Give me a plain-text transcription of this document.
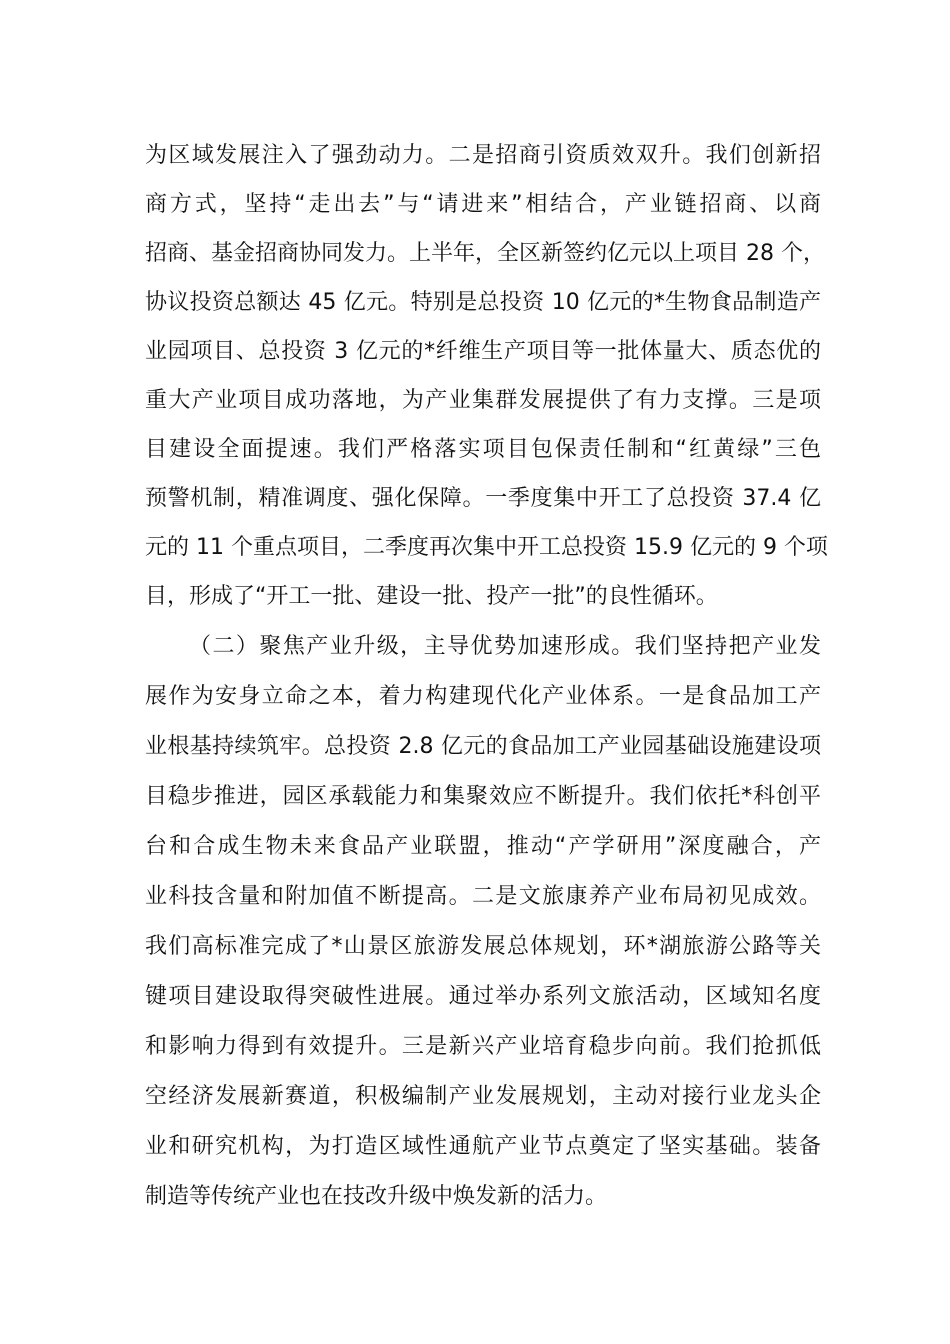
为区域发展注入了强劲动力。二是招商引资质效双升。我们创新招
商方式，坚持“走出去”与“请进来”相结合，产业链招商、以商
招商、基金招商协同发力。上半年，全区新签约亿元以上项目 28 个，
协议投资总额达 45 亿元。特别是总投资 10 亿元的*生物食品制造产
业园项目、总投资 3 亿元的*纤维生产项目等一批体量大、质态优的
重大产业项目成功落地，为产业集群发展提供了有力支撑。三是项
目建设全面提速。我们严格落实项目包保责任制和“红黄绿”三色
预警机制，精准调度、强化保障。一季度集中开工了总投资 37.4 亿
元的 11 个重点项目，二季度再次集中开工总投资 15.9 亿元的 9 个项
目，形成了“开工一批、建设一批、投产一批”的良性循环。
（二）聚焦产业升级，主导优势加速形成。我们坚持把产业发
展作为安身立命之本，着力构建现代化产业体系。一是食品加工产
业根基持续筑牢。总投资 2.8 亿元的食品加工产业园基础设施建设项
目稳步推进，园区承载能力和集聚效应不断提升。我们依托*科创平
台和合成生物未来食品产业联盟，推动“产学研用”深度融合，产
业科技含量和附加值不断提高。二是文旅康养产业布局初见成效。
我们高标准完成了*山景区旅游发展总体规划，环*湖旅游公路等关
键项目建设取得突破性进展。通过举办系列文旅活动，区域知名度
和影响力得到有效提升。三是新兴产业培育稳步向前。我们抢抓低
空经济发展新赛道，积极编制产业发展规划，主动对接行业龙头企
业和研究机构，为打造区域性通航产业节点奠定了坚实基础。装备
制造等传统产业也在技改升级中焕发新的活力。
